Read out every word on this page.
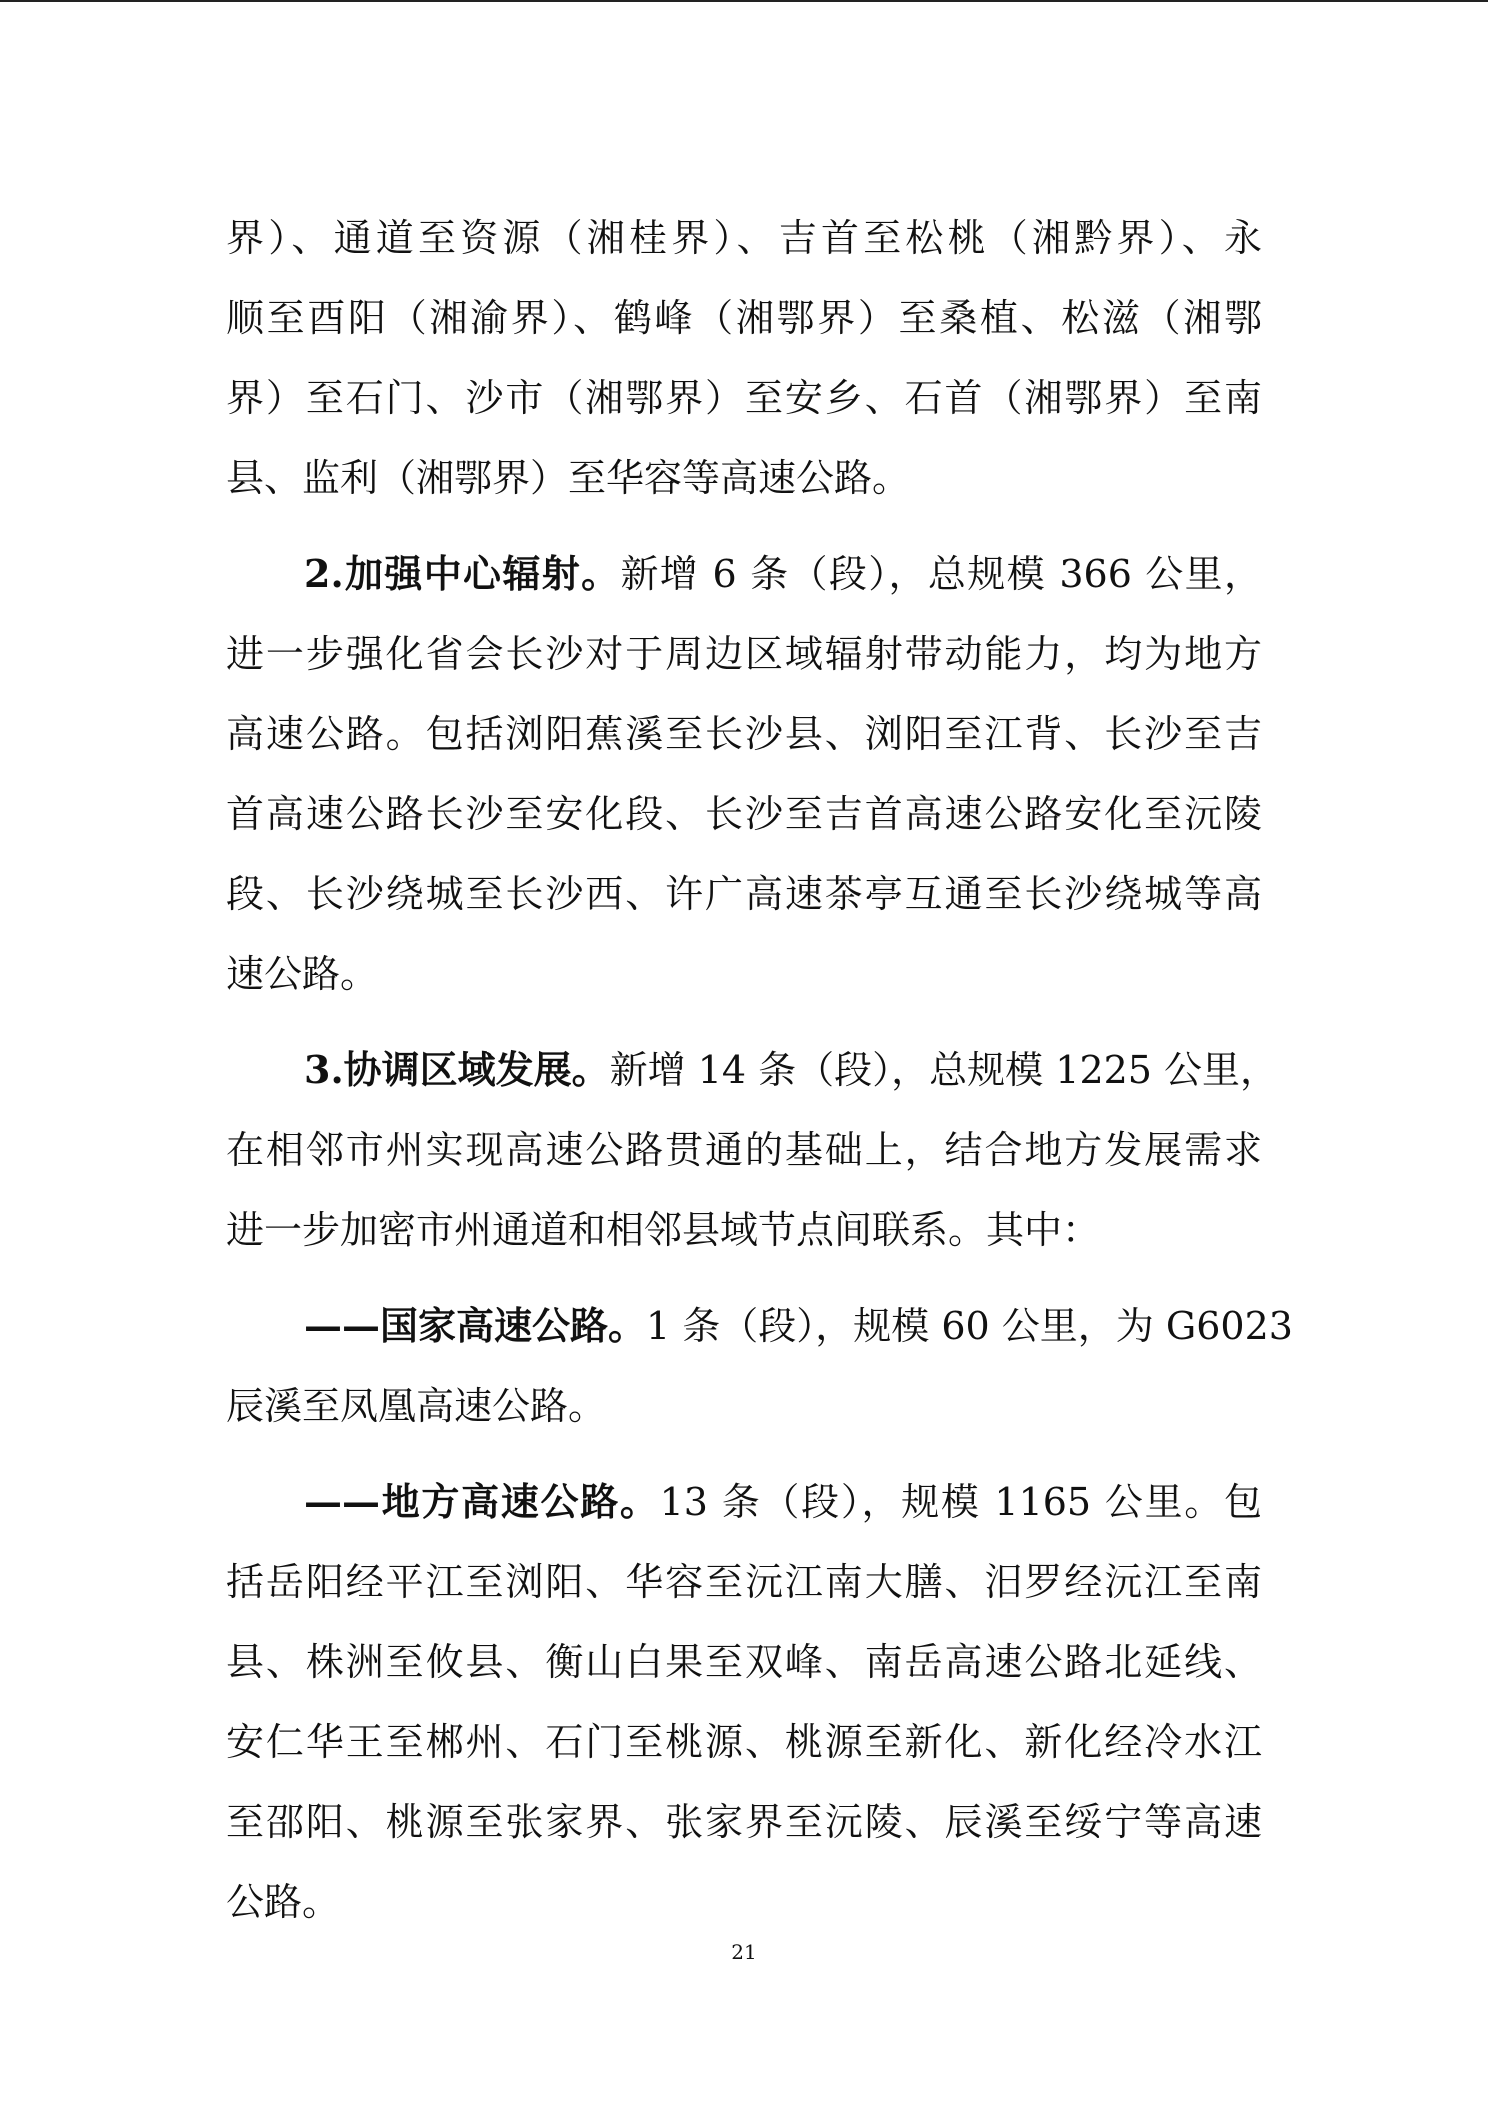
界）、通道至资源（湘桂界）、吉首至松桃（湘黔界）、永
顺至酉阳（湘渝界）、鹤峰（湘鄂界）至桑植、松滋（湘鄂
界）至石门、沙市（湘鄂界）至安乡、石首（湘鄂界）至南
县、监利（湘鄂界）至华容等高速公路。
2.加强中心辐射。新增 6 条（段），总规模 366 公里，
进一步强化省会长沙对于周边区域辐射带动能力，均为地方
高速公路。包括浏阳蕉溪至长沙县、浏阳至江背、长沙至吉
首高速公路长沙至安化段、长沙至吉首高速公路安化至沅陵
段、长沙绕城至长沙西、许广高速茶亭互通至长沙绕城等高
速公路。
3.协调区域发展。新增 14 条（段），总规模 1225 公里，
在相邻市州实现高速公路贯通的基础上，结合地方发展需求
进一步加密市州通道和相邻县域节点间联系。其中：
——国家高速公路。1 条（段），规模 60 公里，为 G6023
辰溪至凤凰高速公路。
——地方高速公路。13 条（段），规模 1165 公里。包
括岳阳经平江至浏阳、华容至沅江南大膳、汨罗经沅江至南
县、株洲至攸县、衡山白果至双峰、南岳高速公路北延线、
安仁华王至郴州、石门至桃源、桃源至新化、新化经冷水江
至邵阳、桃源至张家界、张家界至沅陵、辰溪至绥宁等高速
公路。
21
